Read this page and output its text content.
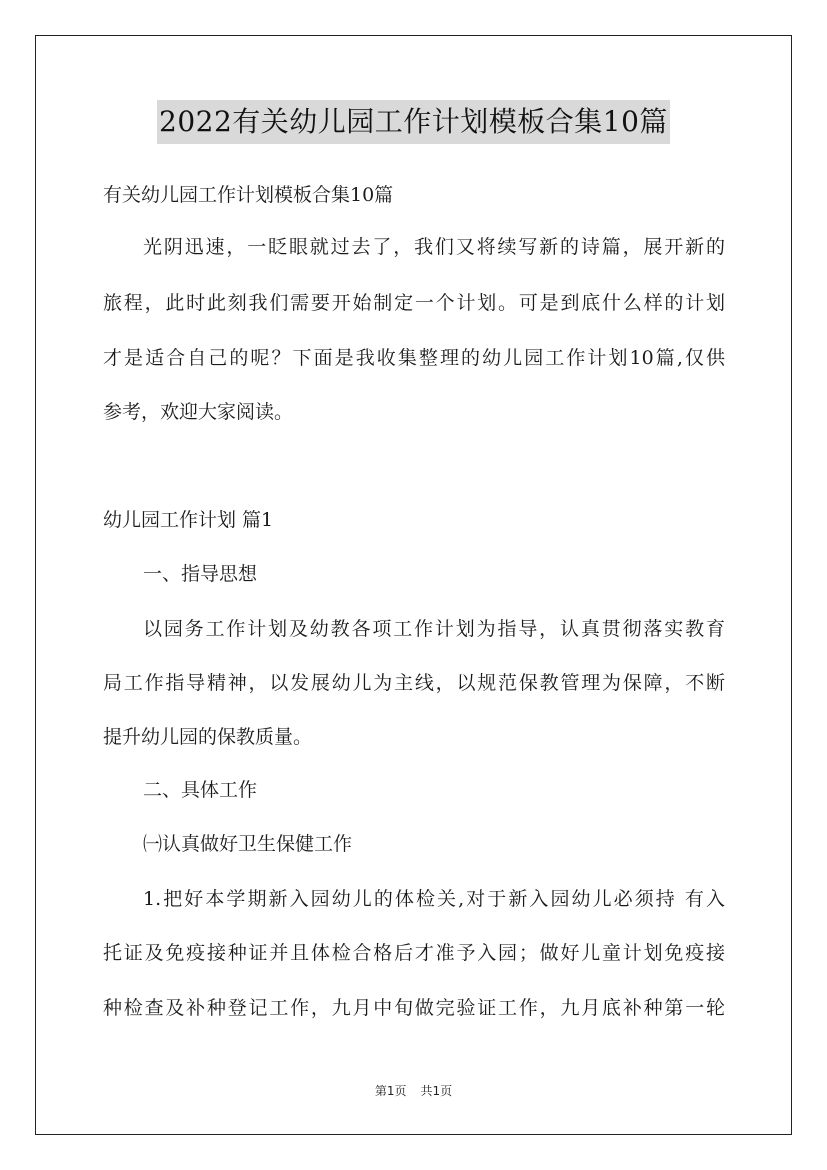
2022有关幼儿园工作计划模板合集10篇
有关幼儿园工作计划模板合集10篇
光阴迅速，一眨眼就过去了，我们又将续写新的诗篇，展开新的
旅程，此时此刻我们需要开始制定一个计划。可是到底什么样的计划
才是适合自己的呢？下面是我收集整理的幼儿园工作计划10篇,仅供
参考，欢迎大家阅读。
幼儿园工作计划 篇1
一、指导思想
以园务工作计划及幼教各项工作计划为指导，认真贯彻落实教育
局工作指导精神，以发展幼儿为主线，以规范保教管理为保障，不断
提升幼儿园的保教质量。
二、具体工作
㈠认真做好卫生保健工作
1.把好本学期新入园幼儿的体检关,对于新入园幼儿必须持 有入
托证及免疫接种证并且体检合格后才准予入园；做好儿童计划免疫接
种检查及补种登记工作，九月中旬做完验证工作，九月底补种第一轮
第1页 共1页
